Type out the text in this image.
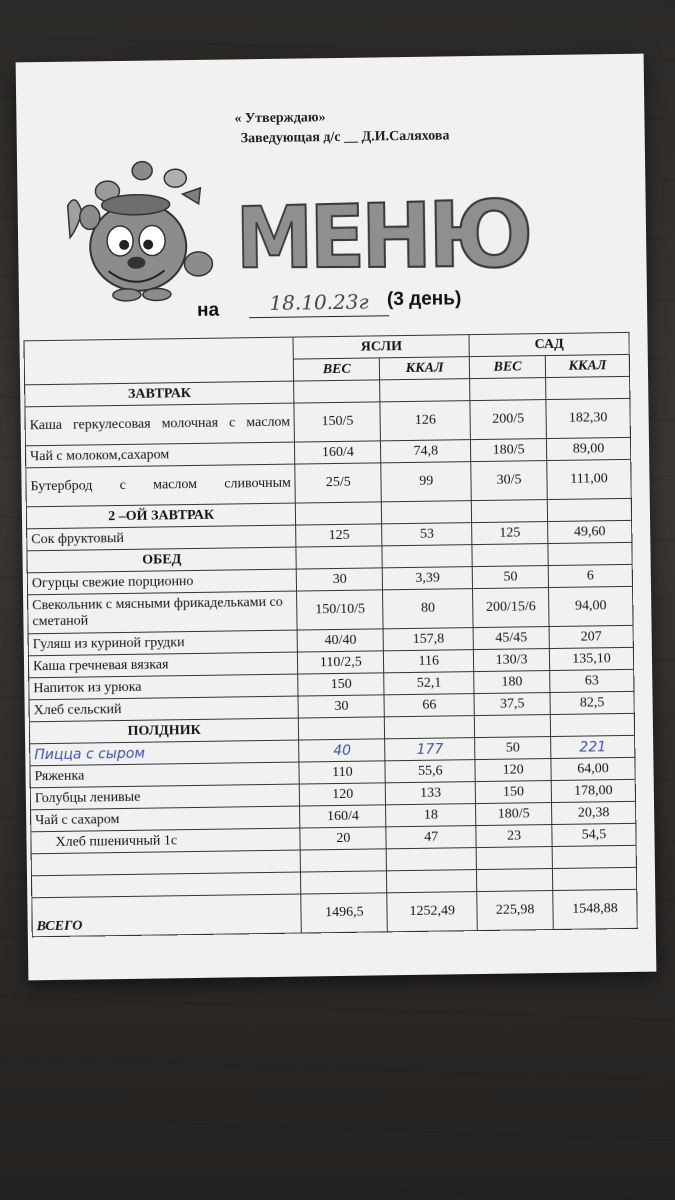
« Утверждаю»
Заведующая д/с __ Д.И.Саляхова
МЕНЮ
на	18.10.23г (3 день)
	ЯСЛИ		САД	
	ВЕС	ККАЛ	ВЕС	ККАЛ
ЗАВТРАК				
Каша геркулесовая молочная с маслом	150/5	126	200/5	182,30
Чай с молоком,сахаром	160/4	74,8	180/5	89,00
Бутерброд с маслом сливочным	25/5	99	30/5	111,00
2 –ОЙ ЗАВТРАК				
Сок фруктовый	125	53	125	49,60
ОБЕД				
Огурцы свежие порционно	30	3,39	50	6
Свекольник с мясными фрикадельками со сметаной	150/10/5	80	200/15/6	94,00
Гуляш из куриной грудки	40/40	157,8	45/45	207
Каша гречневая вязкая	110/2,5	116	130/3	135,10
Напиток из урюка	150	52,1	180	63
Хлеб сельский	30	66	37,5	82,5
ПОЛДНИК				
Пицца с сыром	40	177	50	221
Ряженка	110	55,6	120	64,00
Голубцы ленивые	120	133	150	178,00
Чай с сахаром	160/4	18	180/5	20,38
Хлеб пшеничный 1с	20	47	23	54,5

ВСЕГО	1496,5	1252,49	225,98	1548,88
